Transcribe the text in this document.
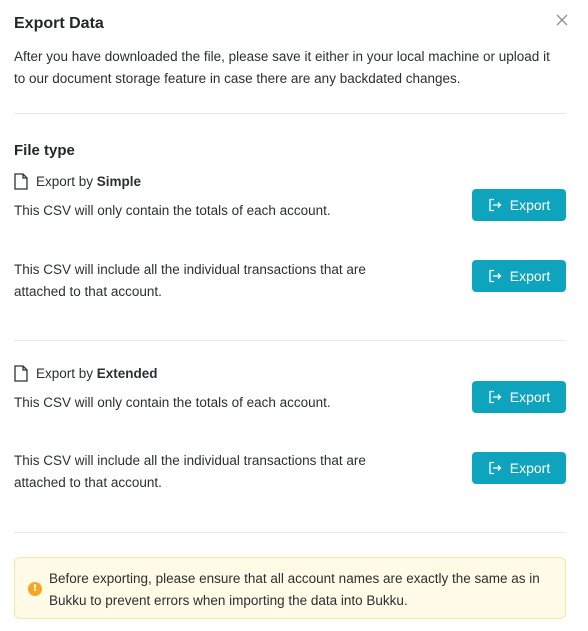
Export Data
After you have downloaded the file, please save it either in your local machine or upload it to our document storage feature in case there are any backdated changes.
File type
Export by Simple
This CSV will only contain the totals of each account.	Export
This CSV will include all the individual transactions that are attached to that account.
Export
Export by Extended
This CSV will only contain the totals of each account.	Export
This CSV will include all the individual transactions that are attached to that account.
Export
!
Before exporting, please ensure that all account names are exactly the same as in Bukku to prevent errors when importing the data into Bukku.
